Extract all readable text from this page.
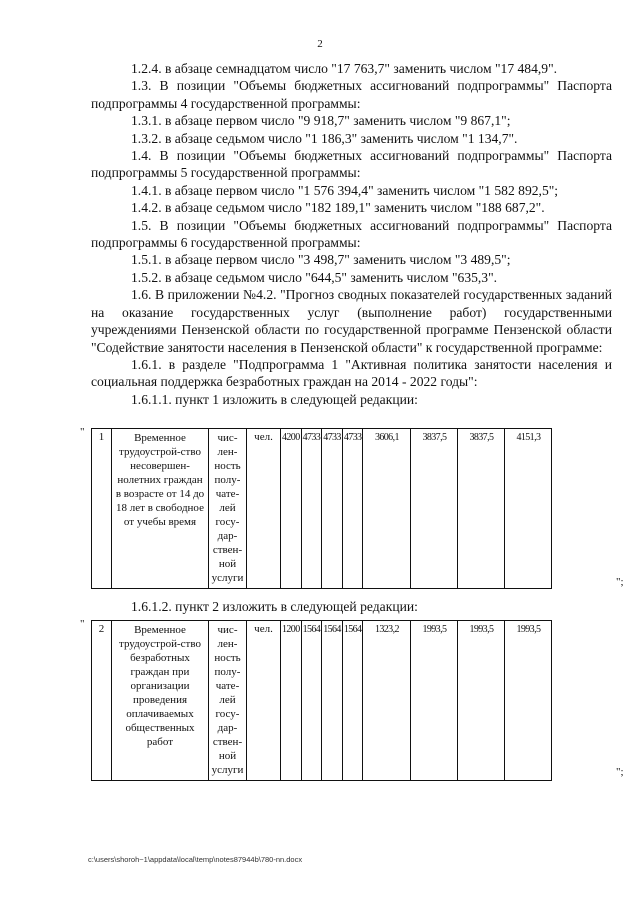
2

1.2.4. в абзаце семнадцатом число "17 763,7" заменить числом "17 484,9".

1.3. В позиции "Объемы бюджетных ассигнований подпрограммы" Паспорта подпрограммы 4 государственной программы:

1.3.1. в абзаце первом число "9 918,7" заменить числом "9 867,1";

1.3.2. в абзаце седьмом число "1 186,3" заменить числом "1 134,7".

1.4. В позиции "Объемы бюджетных ассигнований подпрограммы" Паспорта подпрограммы 5 государственной программы:

1.4.1. в абзаце первом число "1 576 394,4" заменить числом "1 582 892,5";

1.4.2. в абзаце седьмом число "182 189,1" заменить числом "188 687,2".

1.5. В позиции "Объемы бюджетных ассигнований подпрограммы" Паспорта подпрограммы 6 государственной программы:

1.5.1. в абзаце первом число "3 498,7" заменить числом "3 489,5";

1.5.2. в абзаце седьмом число "644,5" заменить числом "635,3".

1.6. В приложении №4.2. "Прогноз сводных показателей государственных заданий на оказание государственных услуг (выполнение работ) государственными учреждениями Пензенской области по государственной программе Пензенской области "Содействие занятости населения в Пензенской области" к государственной программе:

1.6.1. в разделе "Подпрограмма 1 "Активная политика занятости населения и социальная поддержка безработных граждан на 2014 - 2022 годы":

1.6.1.1. пункт 1 изложить в следующей редакции:

" 1	Временное трудоустрой-ство несовершен-нолетних граждан в возрасте от 14 до 18 лет в свободное от учебы время	чис-лен-ность полу-чате-лей госу-дар-ствен-ной услуги	чел.	4200	4733	4733	4733	3606,1	3837,5	3837,5	4151,3
";
1.6.1.2. пункт 2 изложить в следующей редакции:
" 2	Временное трудоустрой-ство безработных граждан при организации проведения оплачиваемых общественных работ	чис-лен-ность полу-чате-лей госу-дар-ствен-ной услуги	чел.	1200	1564	1564	1564	1323,2	1993,5	1993,5	1993,5
";
c:\users\shoroh~1\appdata\local\temp\notes87944b\780-nn.docx
